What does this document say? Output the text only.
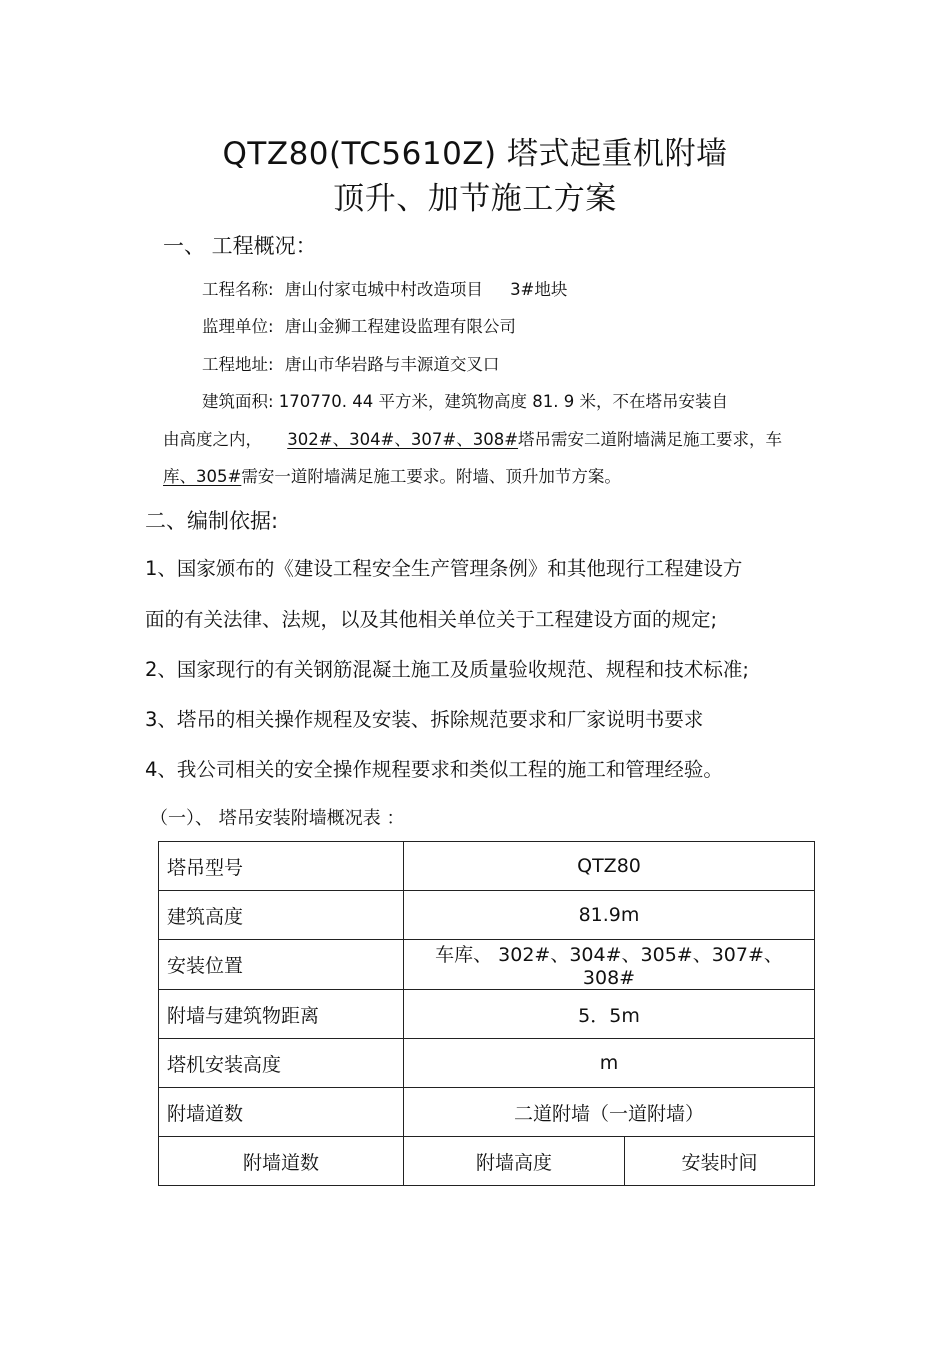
QTZ80(TC5610Z) 塔式起重机附墙
顶升、加节施工方案
一、 工程概况：
工程名称: 唐山付家屯城中村改造项目 3#地块
监理单位: 唐山金狮工程建设监理有限公司
工程地址: 唐山市华岩路与丰源道交叉口
建筑面积: 170770. 44 平方米，建筑物高度 81. 9 米，不在塔吊安装自
由高度之内， 302#、304#、307#、308#塔吊需安二道附墙满足施工要求，车
库、305#需安一道附墙满足施工要求。附墙、顶升加节方案。
二、编制依据:
1、国家颁布的《建设工程安全生产管理条例》和其他现行工程建设方
面的有关法律、法规，以及其他相关单位关于工程建设方面的规定;
2、国家现行的有关钢筋混凝土施工及质量验收规范、规程和技术标准;
3、塔吊的相关操作规程及安装、拆除规范要求和厂家说明书要求
4、我公司相关的安全操作规程要求和类似工程的施工和管理经验。
（一）、 塔吊安装附墙概况表 ：
塔吊型号	QTZ80	
建筑高度	81.9m	
安装位置	车库、 302#、304#、305#、307#、308#	
附墙与建筑物距离	5．5m	
塔机安装高度	m	
附墙道数	二道附墙（一道附墙）	
附墙道数	附墙高度	安装时间
